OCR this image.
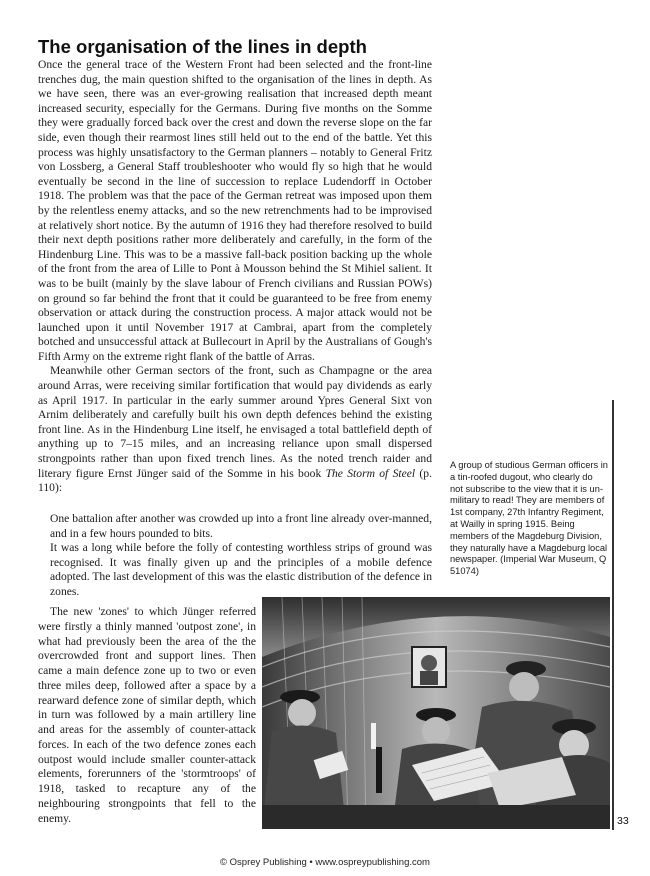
The organisation of the lines in depth

Once the general trace of the Western Front had been selected and the front-line trenches dug, the main question shifted to the organisation of the lines in depth. As we have seen, there was an ever-growing realisation that increased depth meant increased security, especially for the Germans. During five months on the Somme they were gradually forced back over the crest and down the reverse slope on the far side, even though their rearmost lines still held out to the end of the battle. Yet this process was highly unsatisfactory to the German planners – notably to General Fritz von Lossberg, a General Staff troubleshooter who would fly so high that he would eventually be second in the line of succession to replace Ludendorff in October 1918. The problem was that the pace of the German retreat was imposed upon them by the relentless enemy attacks, and so the new retrenchments had to be improvised at relatively short notice. By the autumn of 1916 they had therefore resolved to build their next depth positions rather more deliberately and carefully, in the form of the Hindenburg Line. This was to be a massive fall-back position backing up the whole of the front from the area of Lille to Pont à Mousson behind the St Mihiel salient. It was to be built (mainly by the slave labour of French civilians and Russian POWs) on ground so far behind the front that it could be guaranteed to be free from enemy observation or attack during the construction process. A major attack would not be launched upon it until November 1917 at Cambrai, apart from the completely botched and unsuccessful attack at Bullecourt in April by the Australians of Gough's Fifth Army on the extreme right flank of the battle of Arras.

Meanwhile other German sectors of the front, such as Champagne or the area around Arras, were receiving similar fortification that would pay dividends as early as April 1917. In particular in the early summer around Ypres General Sixt von Arnim deliberately and carefully built his own depth defences behind the existing front line. As in the Hindenburg Line itself, he envisaged a total battlefield depth of anything up to 7–15 miles, and an increasing reliance upon small dispersed strongpoints rather than upon fixed trench lines. As the noted trench raider and literary figure Ernst Jünger said of the Somme in his book The Storm of Steel (p. 110):

One battalion after another was crowded up into a front line already over-manned, and in a few hours pounded to bits.

It was a long while before the folly of contesting worthless strips of ground was recognised. It was finally given up and the principles of a mobile defence adopted. The last development of this was the elastic distribution of the defence in zones.

The new 'zones' to which Jünger referred were firstly a thinly manned 'outpost zone', in what had previously been the area of the the overcrowded front and support lines. Then came a main defence zone up to two or even three miles deep, followed after a space by a rearward defence zone of similar depth, which in turn was followed by a main artillery line and areas for the assembly of counter-attack forces. In each of the two defence zones each outpost would include smaller counter-attack elements, forerunners of the 'stormtroops' of 1918, tasked to recapture any of the neighbouring strongpoints that fell to the enemy.

A group of studious German officers in a tin-roofed dugout, who clearly do not subscribe to the view that it is un-military to read! They are members of 1st company, 27th Infantry Regiment, at Wailly in spring 1915. Being members of the Magdeburg Division, they naturally have a Magdeburg local newspaper. (Imperial War Museum, Q 51074)

33
© Osprey Publishing • www.ospreypublishing.com
